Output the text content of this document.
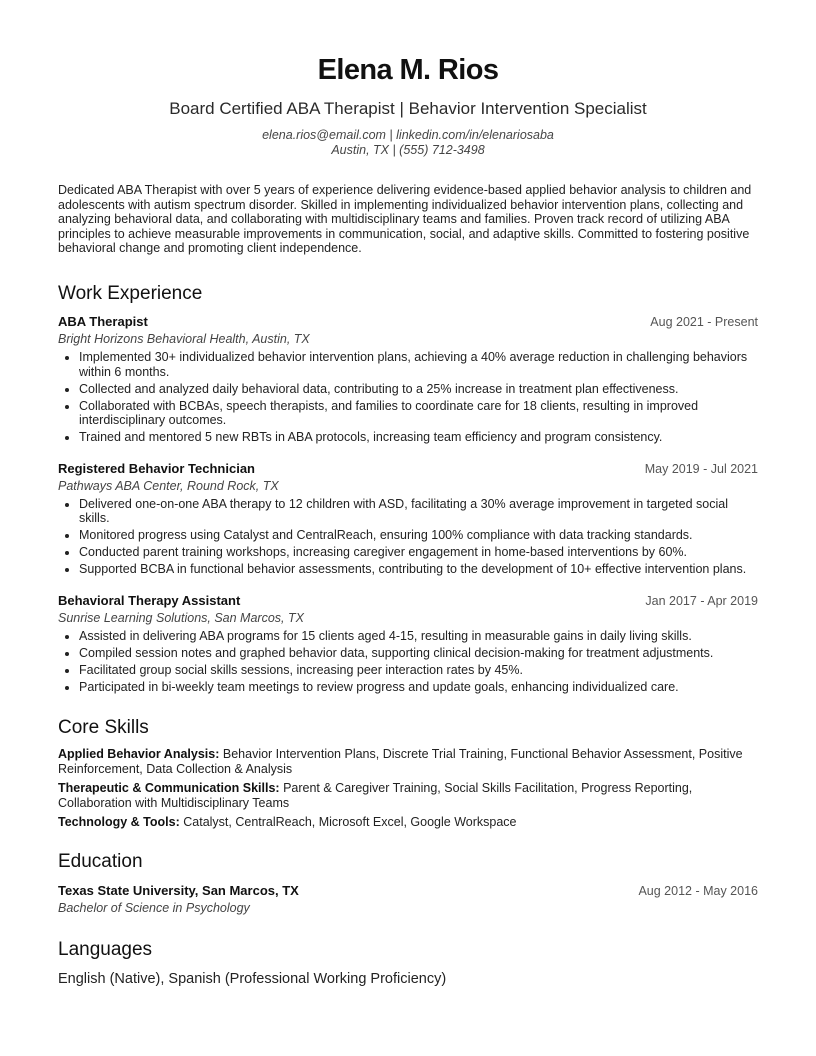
Elena M. Rios
Board Certified ABA Therapist | Behavior Intervention Specialist
elena.rios@email.com | linkedin.com/in/elenariosaba
Austin, TX | (555) 712-3498
Dedicated ABA Therapist with over 5 years of experience delivering evidence-based applied behavior analysis to children and adolescents with autism spectrum disorder. Skilled in implementing individualized behavior intervention plans, collecting and analyzing behavioral data, and collaborating with multidisciplinary teams and families. Proven track record of utilizing ABA principles to achieve measurable improvements in communication, social, and adaptive skills. Committed to fostering positive behavioral change and promoting client independence.
Work Experience
ABA Therapist	Aug 2021 - Present
Bright Horizons Behavioral Health, Austin, TX
• Implemented 30+ individualized behavior intervention plans, achieving a 40% average reduction in challenging behaviors within 6 months.
• Collected and analyzed daily behavioral data, contributing to a 25% increase in treatment plan effectiveness.
• Collaborated with BCBAs, speech therapists, and families to coordinate care for 18 clients, resulting in improved interdisciplinary outcomes.
• Trained and mentored 5 new RBTs in ABA protocols, increasing team efficiency and program consistency.
Registered Behavior Technician	May 2019 - Jul 2021
Pathways ABA Center, Round Rock, TX
• Delivered one-on-one ABA therapy to 12 children with ASD, facilitating a 30% average improvement in targeted social skills.
• Monitored progress using Catalyst and CentralReach, ensuring 100% compliance with data tracking standards.
• Conducted parent training workshops, increasing caregiver engagement in home-based interventions by 60%.
• Supported BCBA in functional behavior assessments, contributing to the development of 10+ effective intervention plans.
Behavioral Therapy Assistant	Jan 2017 - Apr 2019
Sunrise Learning Solutions, San Marcos, TX
• Assisted in delivering ABA programs for 15 clients aged 4-15, resulting in measurable gains in daily living skills.
• Compiled session notes and graphed behavior data, supporting clinical decision-making for treatment adjustments.
• Facilitated group social skills sessions, increasing peer interaction rates by 45%.
• Participated in bi-weekly team meetings to review progress and update goals, enhancing individualized care.
Core Skills
Applied Behavior Analysis: Behavior Intervention Plans, Discrete Trial Training, Functional Behavior Assessment, Positive Reinforcement, Data Collection & Analysis
Therapeutic & Communication Skills: Parent & Caregiver Training, Social Skills Facilitation, Progress Reporting, Collaboration with Multidisciplinary Teams
Technology & Tools: Catalyst, CentralReach, Microsoft Excel, Google Workspace
Education
Texas State University, San Marcos, TX	Aug 2012 - May 2016
Bachelor of Science in Psychology
Languages
English (Native), Spanish (Professional Working Proficiency)
